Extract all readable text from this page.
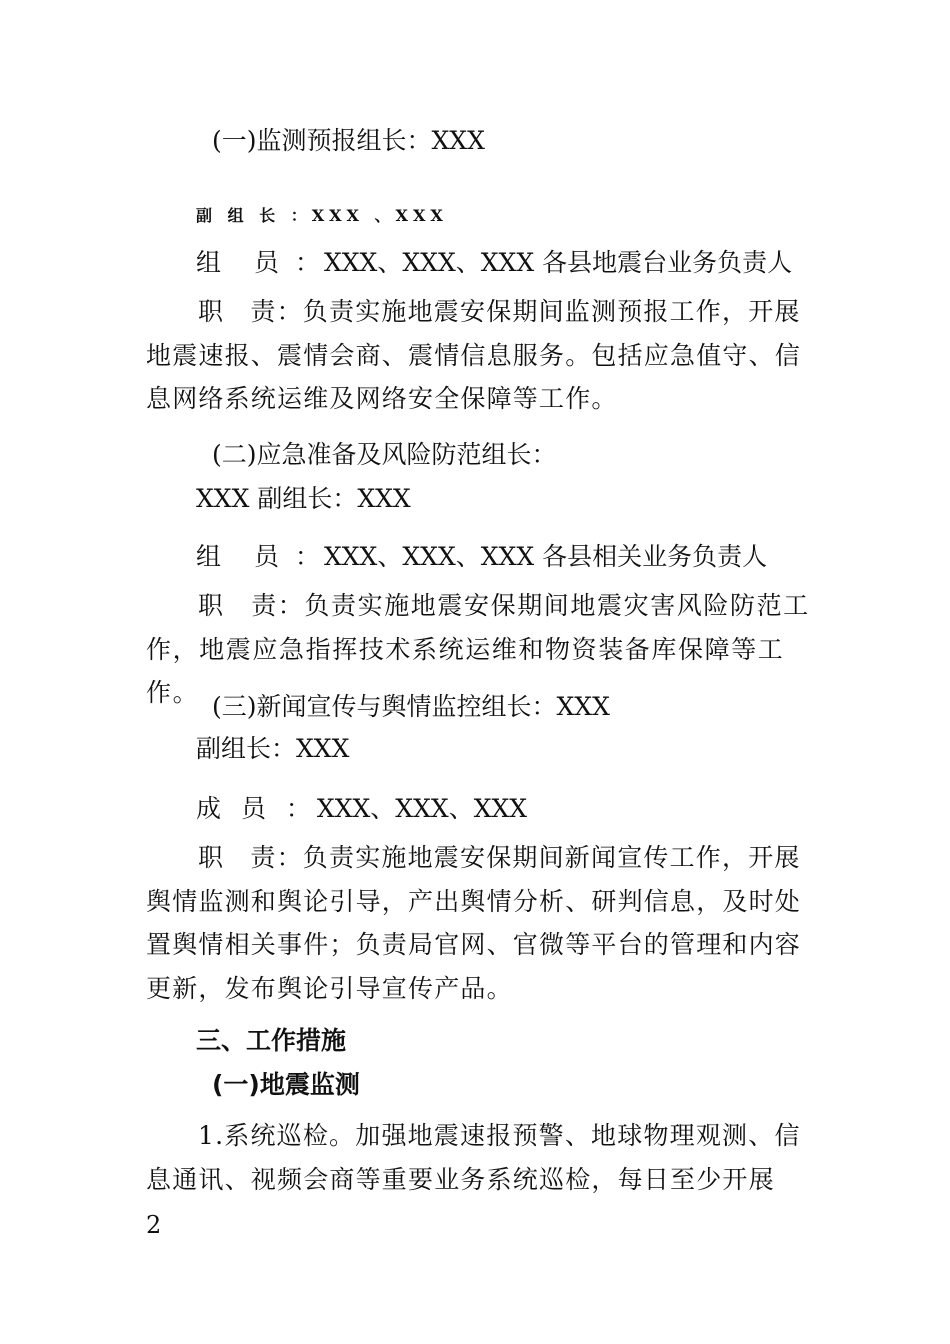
(一)监测预报组长：XXX
副 组 长 ：XXX 、XXX
组　员 ：XXX、XXX、XXX 各县地震台业务负责人
职　责：负责实施地震安保期间监测预报工作，开展地震速报、震情会商、震情信息服务。包括应急值守、信息网络系统运维及网络安全保障等工作。
(二)应急准备及风险防范组长：
XXX 副组长：XXX
组　员 ：XXX、XXX、XXX 各县相关业务负责人
职　责：负责实施地震安保期间地震灾害风险防范工作，地震应急指挥技术系统运维和物资装备库保障等工作。 (三)新闻宣传与舆情监控组长：XXX
副组长：XXX
成 员 ：XXX、XXX、XXX
职　责：负责实施地震安保期间新闻宣传工作，开展舆情监测和舆论引导，产出舆情分析、研判信息，及时处置舆情相关事件；负责局官网、官微等平台的管理和内容更新，发布舆论引导宣传产品。
三、工作措施
(一)地震监测
1.系统巡检。加强地震速报预警、地球物理观测、信息通讯、视频会商等重要业务系统巡检，每日至少开展
2
